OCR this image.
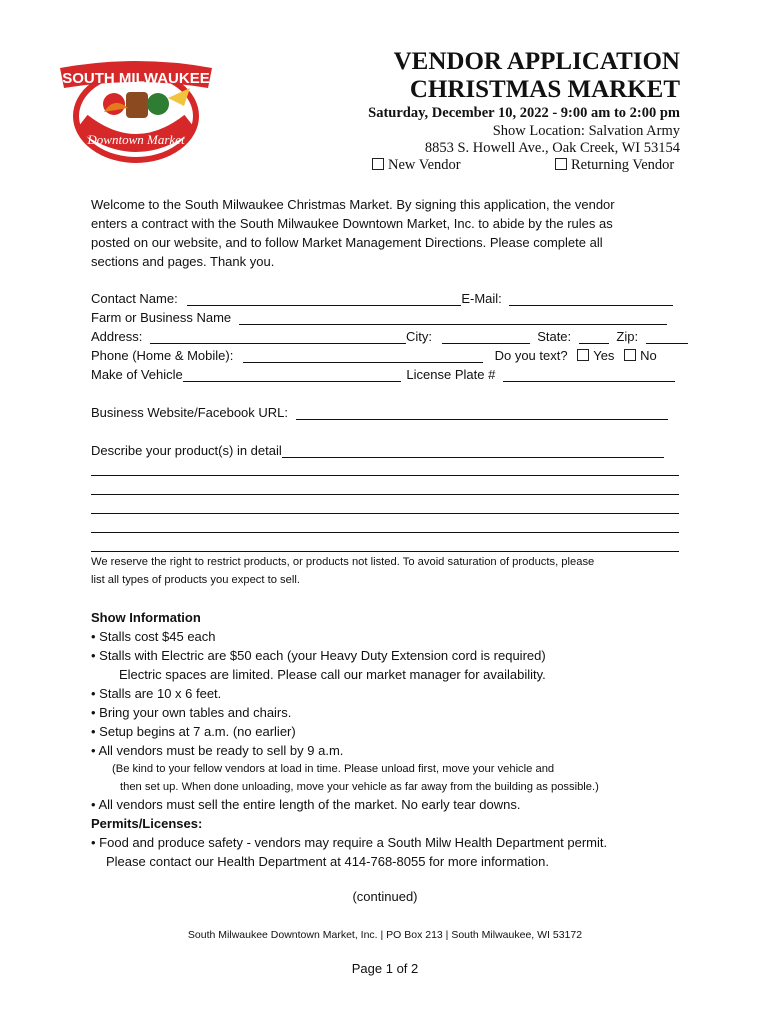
SOUTH MILWAUKEE
Downtown Market
VENDOR APPLICATION
CHRISTMAS MARKET
Saturday, December 10, 2022 - 9:00 am to 2:00 pm
Show Location: Salvation Army
8853 S. Howell Ave., Oak Creek, WI 53154
New Vendor	Returning Vendor
Welcome to the South Milwaukee Christmas Market. By signing this application, the vendor
enters a contract with the South Milwaukee Downtown Market, Inc. to abide by the rules as
posted on our website, and to follow Market Management Directions. Please complete all
sections and pages. Thank you.
Contact Name:	E-Mail:
Farm or Business Name
Address:	City:	State:	Zip:
Phone (Home & Mobile):	Do you text? Yes No
Make of Vehicle	License Plate #
Business Website/Facebook URL:
Describe your product(s) in detail
We reserve the right to restrict products, or products not listed. To avoid saturation of products, please
list all types of products you expect to sell.
Show Information
• Stalls cost $45 each
• Stalls with Electric are $50 each (your Heavy Duty Extension cord is required)
Electric spaces are limited. Please call our market manager for availability.
• Stalls are 10 x 6 feet.
• Bring your own tables and chairs.
• Setup begins at 7 a.m. (no earlier)
• All vendors must be ready to sell by 9 a.m.
(Be kind to your fellow vendors at load in time. Please unload first, move your vehicle and
then set up. When done unloading, move your vehicle as far away from the building as possible.)
• All vendors must sell the entire length of the market. No early tear downs.
Permits/Licenses:
• Food and produce safety - vendors may require a South Milw Health Department permit.
Please contact our Health Department at 414-768-8055 for more information.
(continued)
South Milwaukee Downtown Market, Inc. | PO Box 213 | South Milwaukee, WI 53172
Page 1 of 2
